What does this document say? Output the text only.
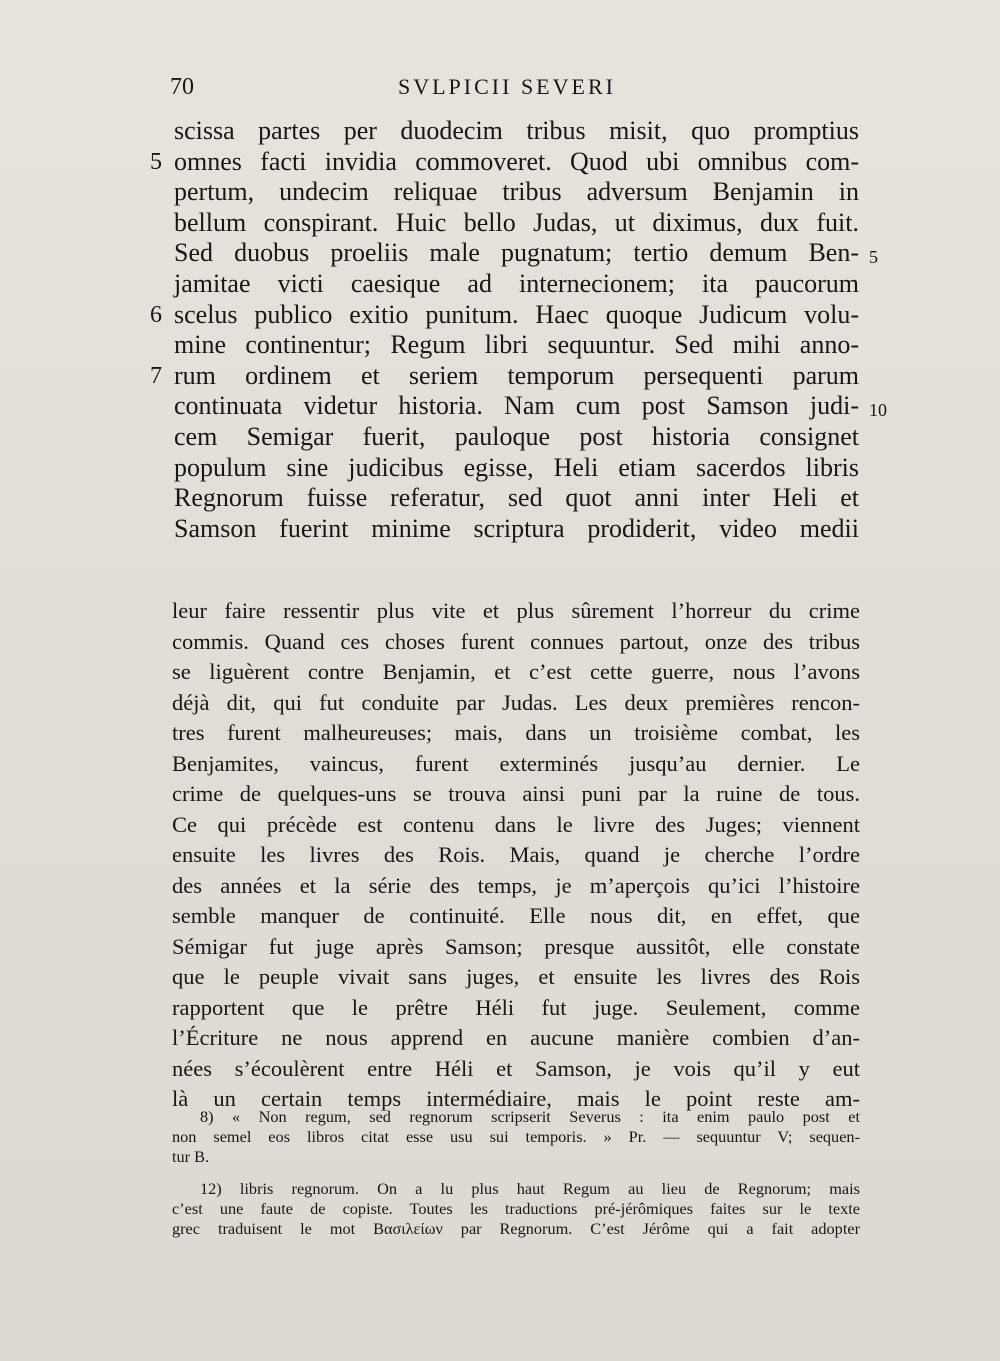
70	SVLPICII SEVERI
scissa partes per duodecim tribus misit, quo promptius
5 omnes facti invidia commoveret. Quod ubi omnibus com-
pertum, undecim reliquae tribus adversum Benjamin in
bellum conspirant. Huic bello Judas, ut diximus, dux fuit.
Sed duobus proeliis male pugnatum; tertio demum Ben- 5
jamitae victi caesique ad internecionem; ita paucorum
6 scelus publico exitio punitum. Haec quoque Judicum volu-
mine continentur; Regum libri sequuntur. Sed mihi anno-
7 rum ordinem et seriem temporum persequenti parum
continuata videtur historia. Nam cum post Samson judi- 10
cem Semigar fuerit, pauloque post historia consignet
populum sine judicibus egisse, Heli etiam sacerdos libris
Regnorum fuisse referatur, sed quot anni inter Heli et
Samson fuerint minime scriptura prodiderit, video medii
leur faire ressentir plus vite et plus sûrement l’horreur du crime
commis. Quand ces choses furent connues partout, onze des tribus
se liguèrent contre Benjamin, et c’est cette guerre, nous l’avons
déjà dit, qui fut conduite par Judas. Les deux premières rencon-
tres furent malheureuses; mais, dans un troisième combat, les
Benjamites, vaincus, furent exterminés jusqu’au dernier. Le
crime de quelques-uns se trouva ainsi puni par la ruine de tous.
Ce qui précède est contenu dans le livre des Juges; viennent
ensuite les livres des Rois. Mais, quand je cherche l’ordre
des années et la série des temps, je m’aperçois qu’ici l’histoire
semble manquer de continuité. Elle nous dit, en effet, que
Sémigar fut juge après Samson; presque aussitôt, elle constate
que le peuple vivait sans juges, et ensuite les livres des Rois
rapportent que le prêtre Héli fut juge. Seulement, comme
l’Écriture ne nous apprend en aucune manière combien d’an-
nées s’écoulèrent entre Héli et Samson, je vois qu’il y eut
là un certain temps intermédiaire, mais le point reste am-
8) « Non regum, sed regnorum scripserit Severus : ita enim paulo post et
non semel eos libros citat esse usu sui temporis. » Pr. — sequuntur V; sequen-
tur B.
12) libris regnorum. On a lu plus haut Regum au lieu de Regnorum; mais
c’est une faute de copiste. Toutes les traductions pré-jérômiques faites sur le texte
grec traduisent le mot Βασιλείων par Regnorum. C’est Jérôme qui a fait adopter
